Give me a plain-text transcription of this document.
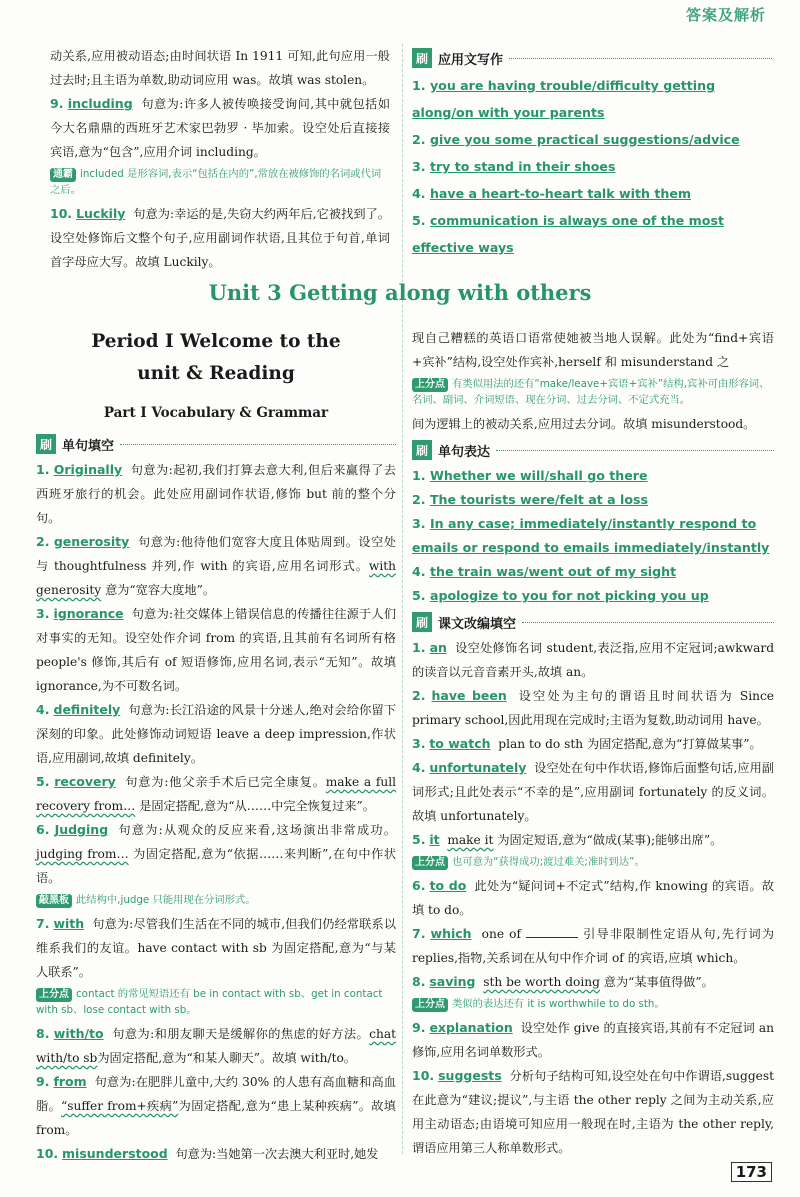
答案及解析

动关系,应用被动语态;由时间状语 In 1911 可知,此句应用一般过去时;且主语为单数,助动词应用 was。故填 was stolen。

9. including 句意为:许多人被传唤接受询问,其中就包括如今大名鼎鼎的西班牙艺术家巴勃罗 · 毕加索。设空处后直接接宾语,意为“包含”,应用介词 including。

通霸 included 是形容词,表示“包括在内的”,常放在被修饰的名词或代词之后。

10. Luckily 句意为:幸运的是,失窃大约两年后,它被找到了。设空处修饰后文整个句子,应用副词作状语,且其位于句首,单词首字母应大写。故填 Luckily。

刷 应用文写作
1. you are having trouble/difficulty getting along/on with your parents
2. give you some practical suggestions/advice
3. try to stand in their shoes
4. have a heart-to-heart talk with them
5. communication is always one of the most effective ways
Unit 3 Getting along with others
Period Ⅰ Welcome to the
unit & Reading
Part Ⅰ Vocabulary & Grammar
刷 单句填空

1. Originally 句意为:起初,我们打算去意大利,但后来赢得了去西班牙旅行的机会。此处应用副词作状语,修饰 but 前的整个分句。

2. generosity 句意为:他待他们宽容大度且体贴周到。设空处与 thoughtfulness 并列,作 with 的宾语,应用名词形式。with generosity 意为“宽容大度地”。

3. ignorance 句意为:社交媒体上错误信息的传播往往源于人们对事实的无知。设空处作介词 from 的宾语,且其前有名词所有格 people's 修饰,其后有 of 短语修饰,应用名词,表示“无知”。故填 ignorance,为不可数名词。

4. definitely 句意为:长江沿途的风景十分迷人,绝对会给你留下深刻的印象。此处修饰动词短语 leave a deep impression,作状语,应用副词,故填 definitely。

5. recovery 句意为:他父亲手术后已完全康复。make a full recovery from… 是固定搭配,意为“从……中完全恢复过来”。

6. Judging 句意为:从观众的反应来看,这场演出非常成功。judging from… 为固定搭配,意为“依据……来判断”,在句中作状语。

敲黑板 此结构中,judge 只能用现在分词形式。

7. with 句意为:尽管我们生活在不同的城市,但我们仍经常联系以维系我们的友谊。have contact with sb 为固定搭配,意为“与某人联系”。

上分点 contact 的常见短语还有 be in contact with sb、get in contact with sb、lose contact with sb。

8. with/to 句意为:和朋友聊天是缓解你的焦虑的好方法。chat with/to sb为固定搭配,意为“和某人聊天”。故填 with/to。

9. from 句意为:在肥胖儿童中,大约 30% 的人患有高血糖和高血脂。“suffer from+疾病”为固定搭配,意为“患上某种疾病”。故填 from。

10. misunderstood 句意为:当她第一次去澳大利亚时,她发

现自己糟糕的英语口语常使她被当地人误解。此处为“find+宾语+宾补”结构,设空处作宾补,herself 和 misunderstand 之

上分点 有类似用法的还有“make/leave+宾语+宾补”结构,宾补可由形容词、名词、副词、介词短语、现在分词、过去分词、不定式充当。

间为逻辑上的被动关系,应用过去分词。故填 misunderstood。

刷 单句表达
1. Whether we will/shall go there
2. The tourists were/felt at a loss
3. In any case; immediately/instantly respond to emails or respond to emails immediately/instantly
4. the train was/went out of my sight
5. apologize to you for not picking you up
刷 课文改编填空

1. an 设空处修饰名词 student,表泛指,应用不定冠词;awkward 的读音以元音音素开头,故填 an。

2. have been 设空处为主句的谓语且时间状语为 Since primary school,因此用现在完成时;主语为复数,助动词用 have。

3. to watch plan to do sth 为固定搭配,意为“打算做某事”。

4. unfortunately 设空处在句中作状语,修饰后面整句话,应用副词形式;且此处表示“不幸的是”,应用副词 fortunately 的反义词。故填 unfortunately。

5. it make it 为固定短语,意为“做成(某事);能够出席”。

上分点 也可意为“获得成功;渡过难关;准时到达”。

6. to do 此处为“疑问词+不定式”结构,作 knowing 的宾语。故填 to do。

7. which one of	引导非限制性定语从句,先行词为 replies,指物,关系词在从句中作介词 of 的宾语,应填 which。

8. saving sth be worth doing 意为“某事值得做”。

上分点 类似的表达还有 it is worthwhile to do sth。

9. explanation 设空处作 give 的直接宾语,其前有不定冠词 an 修饰,应用名词单数形式。

10. suggests 分析句子结构可知,设空处在句中作谓语,suggest 在此意为“建议;提议”,与主语 the other reply 之间为主动关系,应用主动语态;由语境可知应用一般现在时,主语为 the other reply,谓语应用第三人称单数形式。

173
